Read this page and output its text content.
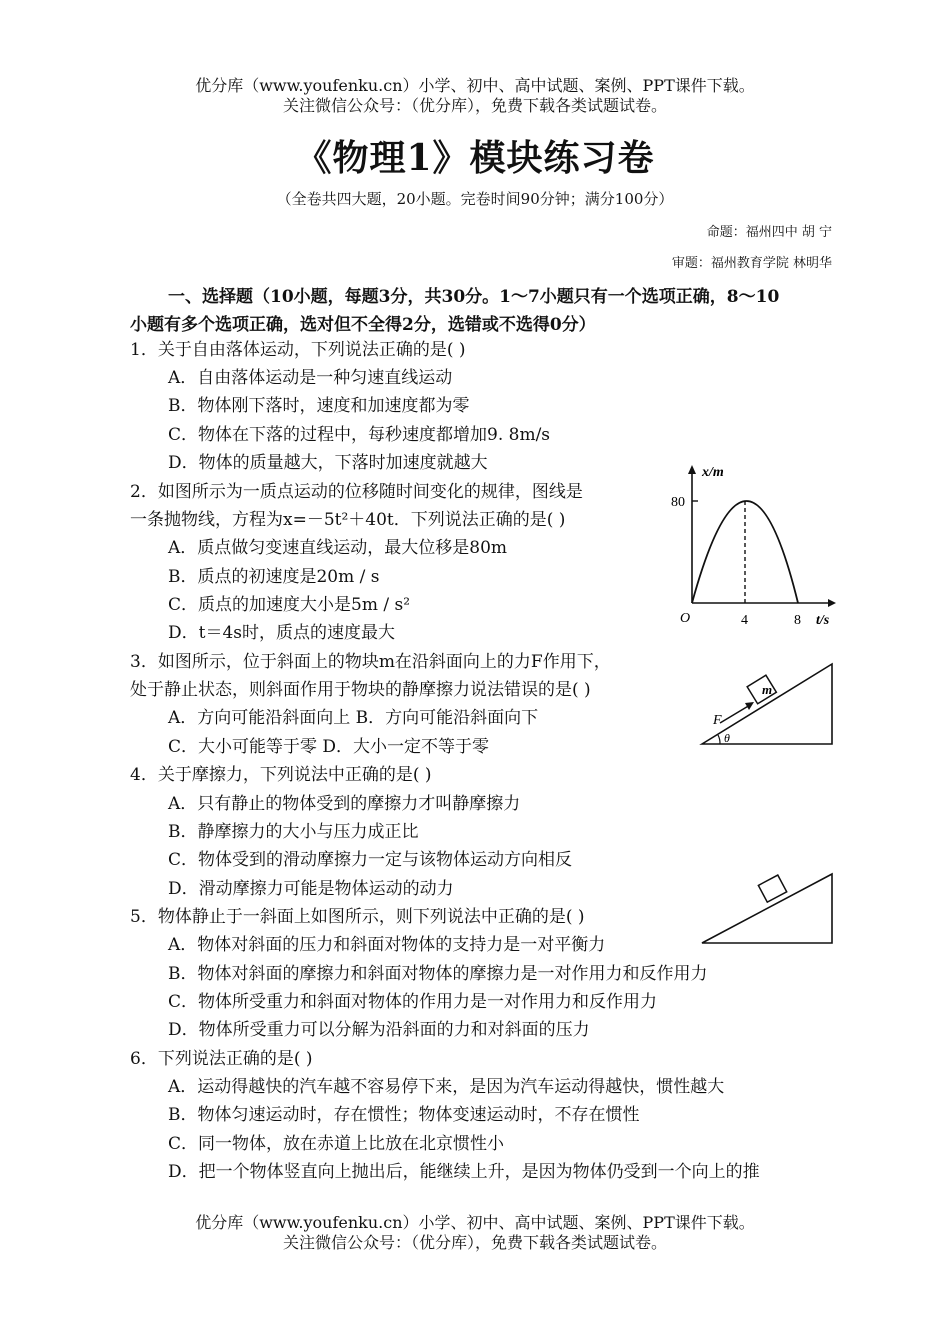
优分库（www.youfenku.cn）小学、初中、高中试题、案例、PPT课件下载。
关注微信公众号：（优分库），免费下载各类试题试卷。
《物理1》模块练习卷
（全卷共四大题，20小题。完卷时间90分钟；满分100分）
命题：福州四中 胡 宁
审题：福州教育学院 林明华
一、选择题（10小题，每题3分，共30分。1～7小题只有一个选项正确，8～10
小题有多个选项正确，选对但不全得2分，选错或不选得0分）
1．关于自由落体运动，下列说法正确的是( )
A．自由落体运动是一种匀速直线运动
B．物体刚下落时，速度和加速度都为零
C．物体在下落的过程中，每秒速度都增加9. 8m/s
D．物体的质量越大，下落时加速度就越大
2．如图所示为一质点运动的位移随时间变化的规律，图线是
一条抛物线，方程为x=－5t²＋40t．下列说法正确的是( )
A．质点做匀变速直线运动，最大位移是80m
B．质点的初速度是20m / s
C．质点的加速度大小是5m / s²
D．t＝4s时，质点的速度最大
3．如图所示，位于斜面上的物块m在沿斜面向上的力F作用下，
处于静止状态，则斜面作用于物块的静摩擦力说法错误的是( )
A．方向可能沿斜面向上 B．方向可能沿斜面向下
C．大小可能等于零 D．大小一定不等于零
4．关于摩擦力，下列说法中正确的是( )
A．只有静止的物体受到的摩擦力才叫静摩擦力
B．静摩擦力的大小与压力成正比
C．物体受到的滑动摩擦力一定与该物体运动方向相反
D．滑动摩擦力可能是物体运动的动力
5．物体静止于一斜面上如图所示，则下列说法中正确的是( )
A．物体对斜面的压力和斜面对物体的支持力是一对平衡力
B．物体对斜面的摩擦力和斜面对物体的摩擦力是一对作用力和反作用力
C．物体所受重力和斜面对物体的作用力是一对作用力和反作用力
D．物体所受重力可以分解为沿斜面的力和对斜面的压力
6．下列说法正确的是( )
A．运动得越快的汽车越不容易停下来，是因为汽车运动得越快，惯性越大
B．物体匀速运动时，存在惯性；物体变速运动时，不存在惯性
C．同一物体，放在赤道上比放在北京惯性小
D．把一个物体竖直向上抛出后，能继续上升，是因为物体仍受到一个向上的推
x/m
80
O	4	8 t/s
m
F
θ
优分库（www.youfenku.cn）小学、初中、高中试题、案例、PPT课件下载。
关注微信公众号：（优分库），免费下载各类试题试卷。
